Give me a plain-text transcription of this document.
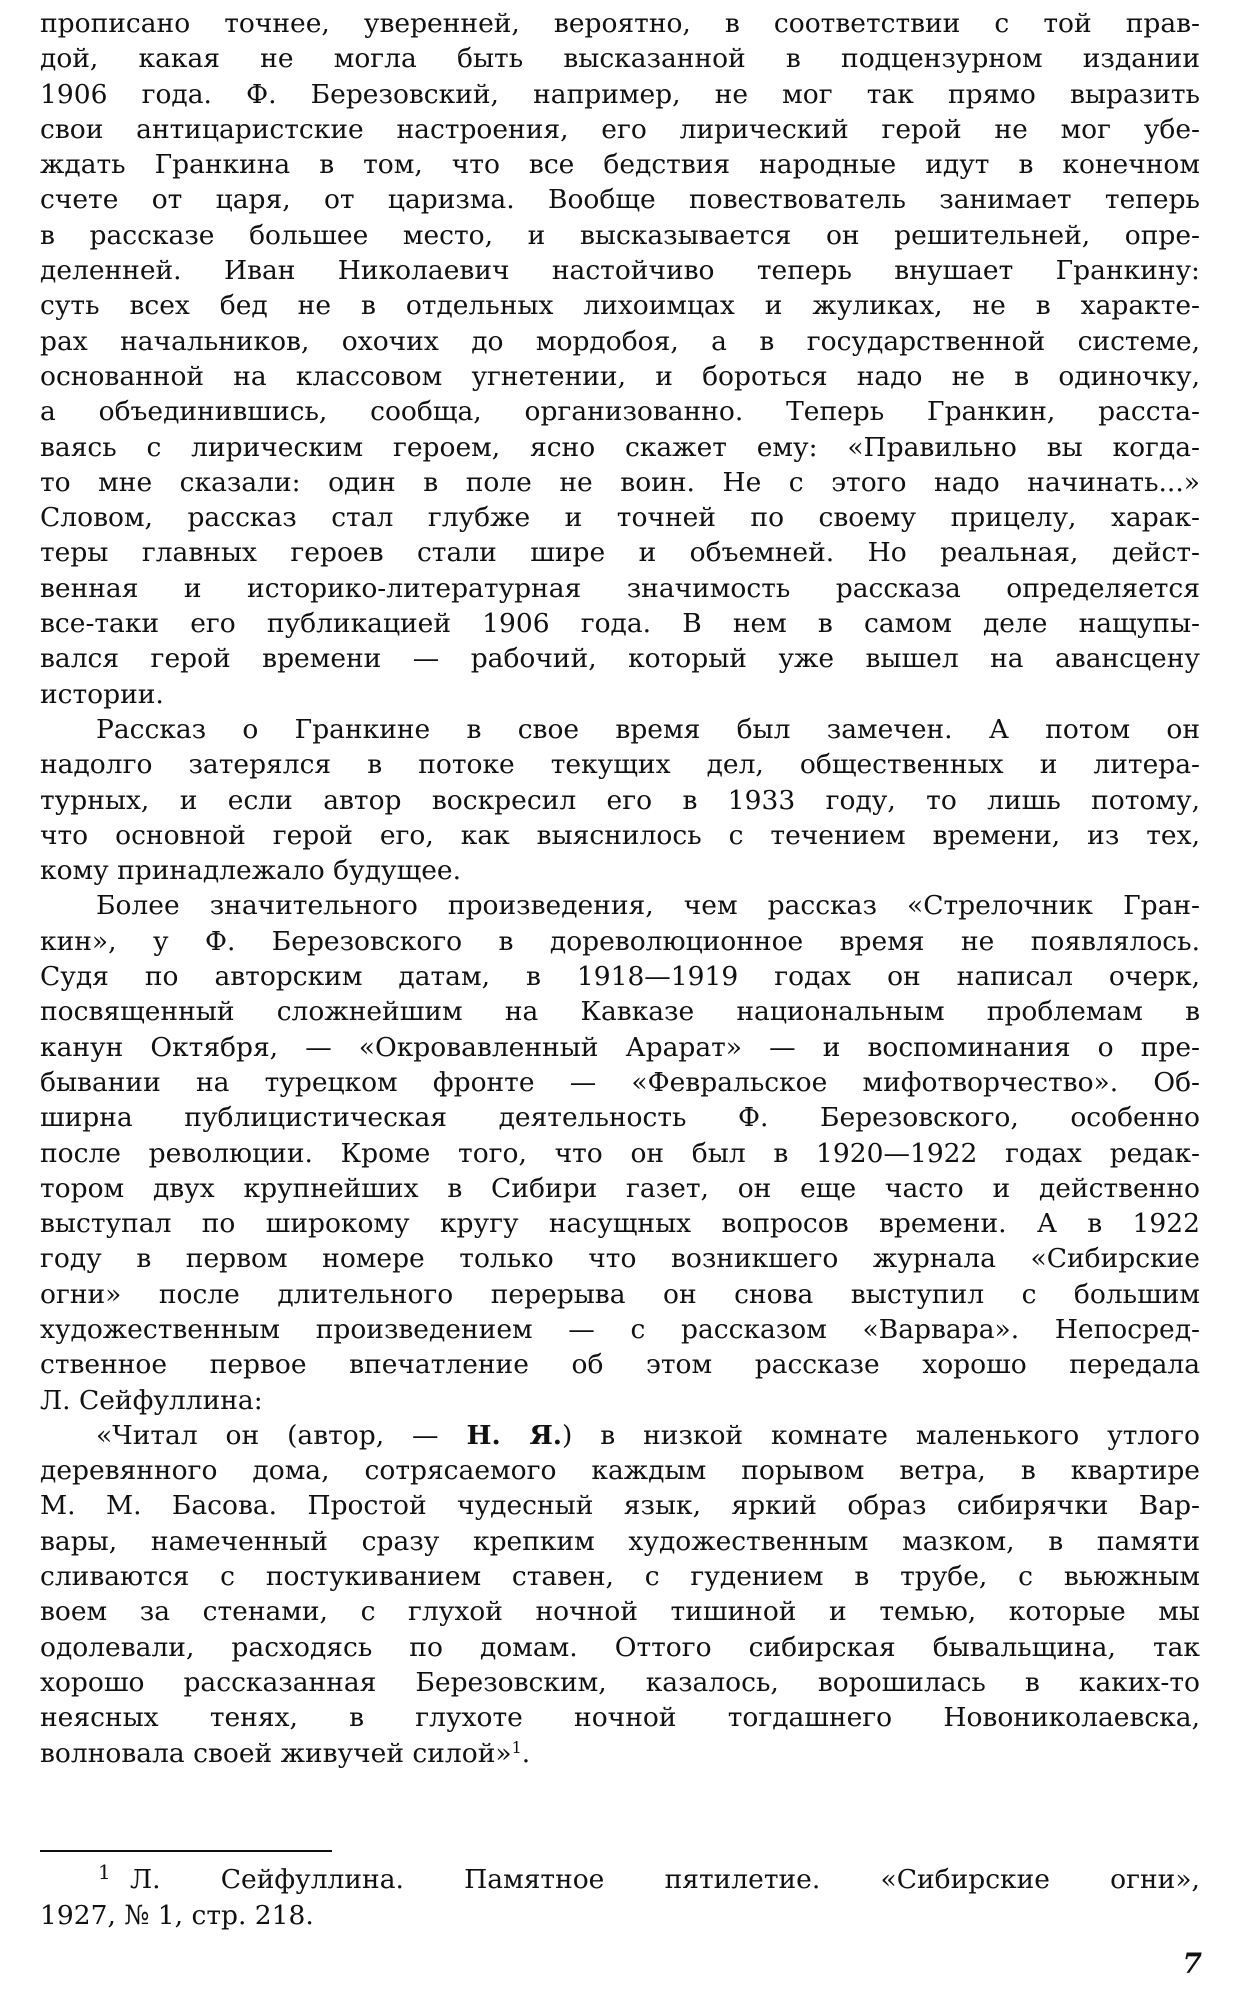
прописано точнее, уверенней, вероятно, в соответствии с той прав-
дой, какая не могла быть высказанной в подцензурном издании
1906 года. Ф. Березовский, например, не мог так прямо выразить
свои антицаристские настроения, его лирический герой не мог убе-
ждать Гранкина в том, что все бедствия народные идут в конечном
счете от царя, от царизма. Вообще повествователь занимает теперь
в рассказе большее место, и высказывается он решительней, опре-
деленней. Иван Николаевич настойчиво теперь внушает Гранкину:
суть всех бед не в отдельных лихоимцах и жуликах, не в характе-
рах начальников, охочих до мордобоя, а в государственной системе,
основанной на классовом угнетении, и бороться надо не в одиночку,
а объединившись, сообща, организованно. Теперь Гранкин, расста-
ваясь с лирическим героем, ясно скажет ему: «Правильно вы когда-
то мне сказали: один в поле не воин. Не с этого надо начинать...»
Словом, рассказ стал глубже и точней по своему прицелу, харак-
теры главных героев стали шире и объемней. Но реальная, дейст-
венная и историко-литературная значимость рассказа определяется
все-таки его публикацией 1906 года. В нем в самом деле нащупы-
вался герой времени — рабочий, который уже вышел на авансцену
истории.
Рассказ о Гранкине в свое время был замечен. А потом он
надолго затерялся в потоке текущих дел, общественных и литера-
турных, и если автор воскресил его в 1933 году, то лишь потому,
что основной герой его, как выяснилось с течением времени, из тех,
кому принадлежало будущее.
Более значительного произведения, чем рассказ «Стрелочник Гран-
кин», у Ф. Березовского в дореволюционное время не появлялось.
Судя по авторским датам, в 1918—1919 годах он написал очерк,
посвященный сложнейшим на Кавказе национальным проблемам в
канун Октября, — «Окровавленный Арарат» — и воспоминания о пре-
бывании на турецком фронте — «Февральское мифотворчество». Об-
ширна публицистическая деятельность Ф. Березовского, особенно
после революции. Кроме того, что он был в 1920—1922 годах редак-
тором двух крупнейших в Сибири газет, он еще часто и действенно
выступал по широкому кругу насущных вопросов времени. А в 1922
году в первом номере только что возникшего журнала «Сибирские
огни» после длительного перерыва он снова выступил с большим
художественным произведением — с рассказом «Варвара». Непосред-
ственное первое впечатление об этом рассказе хорошо передала
Л. Сейфуллина:
«Читал он (автор, — Н. Я.) в низкой комнате маленького утлого
деревянного дома, сотрясаемого каждым порывом ветра, в квартире
М. М. Басова. Простой чудесный язык, яркий образ сибирячки Вар-
вары, намеченный сразу крепким художественным мазком, в памяти
сливаются с постукиванием ставен, с гудением в трубе, с вьюжным
воем за стенами, с глухой ночной тишиной и темью, которые мы
одолевали, расходясь по домам. Оттого сибирская бывальщина, так
хорошо рассказанная Березовским, казалось, ворошилась в каких-то
неясных тенях, в глухоте ночной тогдашнего Новониколаевска,
волновала своей живучей силой»$^1$.
1 Л. Сейфуллина. Памятное пятилетие. «Сибирские огни»,
1927, № 1, стр. 218.
7
